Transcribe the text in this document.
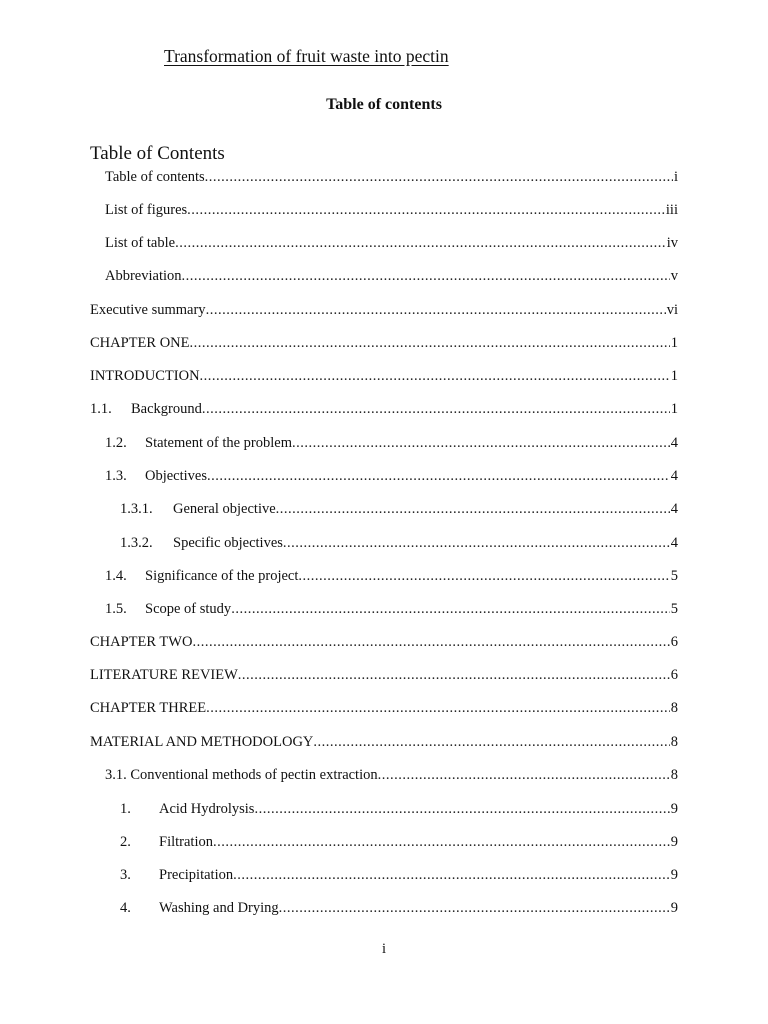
Transformation of fruit waste into pectin
Table of contents
Table of Contents
Table of contents .....	i
List of figures .....	iii
List of table .....	iv
Abbreviation .....	v
Executive summary .....	vi
CHAPTER ONE .....	1
INTRODUCTION .....	1
1.1.	Background .....	1
1.2.	Statement of the problem .....	4
1.3.	Objectives .....	4
1.3.1.	General objective .....	4
1.3.2.	Specific objectives .....	4
1.4.	Significance of the project .....	5
1.5.	Scope of study .....	5
CHAPTER TWO .....	6
LITERATURE REVIEW .....	6
CHAPTER THREE .....	8
MATERIAL AND METHODOLOGY .....	8
3.1. Conventional methods of pectin extraction .....	8
1.	Acid Hydrolysis .....	9
2.	Filtration .....	9
3.	Precipitation .....	9
4.	Washing and Drying .....	9
i
